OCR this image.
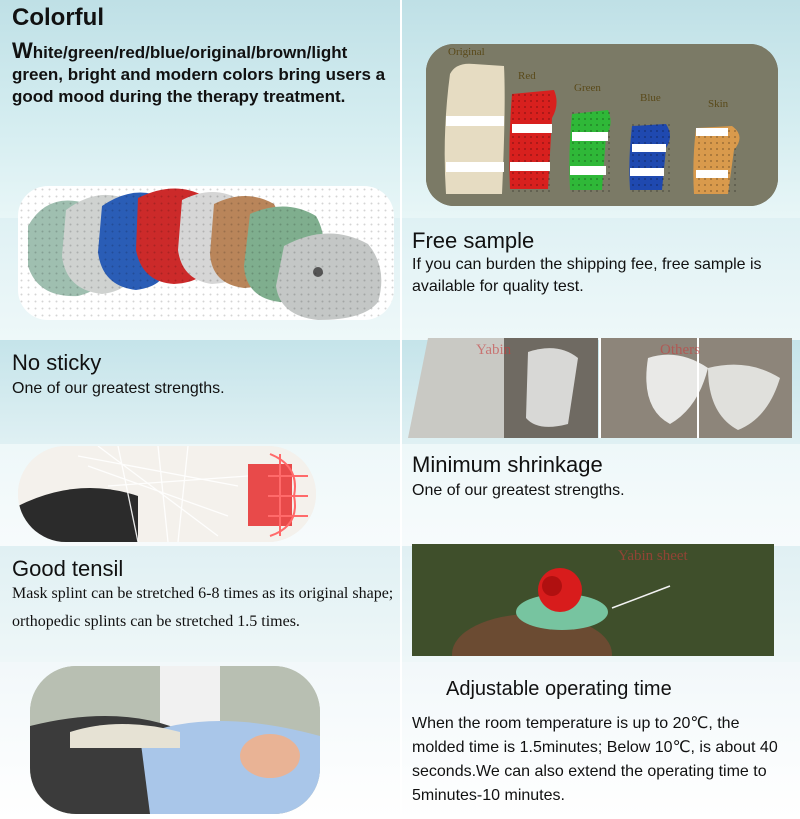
Colorful
White/green/red/blue/original/brown/light green, bright and modern colors bring users a good mood during the therapy treatment.
Original
Red
Green
Blue	Skin
Free sample
If you can burden the shipping fee, free sample is available for quality test.
No sticky
One of our greatest strengths.
Yabin	Others
Minimum shrinkage
One of our greatest strengths.
Good tensil
Mask splint can be stretched 6-8 times as its original shape; orthopedic splints can be stretched 1.5 times.
Yabin sheet
Adjustable operating time
When the room temperature is up to 20℃, the molded time is 1.5minutes; Below 10℃, is about 40 seconds.We can also extend the operating time to 5minutes-10 minutes.
